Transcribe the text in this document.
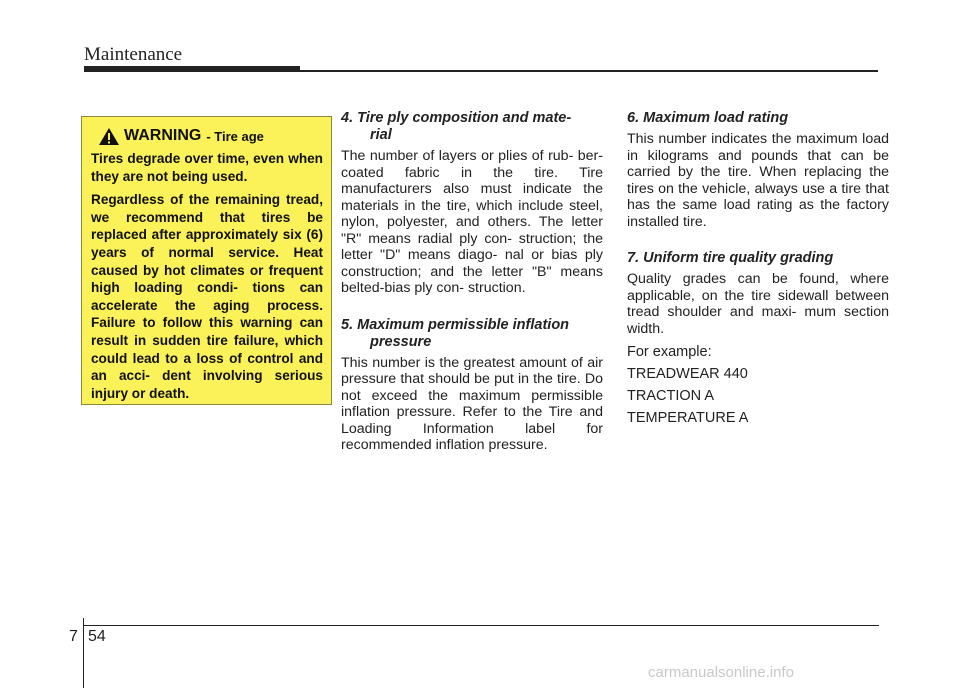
Maintenance
WARNING - Tire age

Tires degrade over time, even when they are not being used.

Regardless of the remaining tread, we recommend that tires be replaced after approximately six (6) years of normal service. Heat caused by hot climates or frequent high loading condi- tions can accelerate the aging process. Failure to follow this warning can result in sudden tire failure, which could lead to a loss of control and an acci- dent involving serious injury or death.

4. Tire ply composition and mate-
rial

The number of layers or plies of rub- ber-coated fabric in the tire. Tire manufacturers also must indicate the materials in the tire, which include steel, nylon, polyester, and others. The letter "R" means radial ply con- struction; the letter "D" means diago- nal or bias ply construction; and the letter "B" means belted-bias ply con- struction.

5. Maximum permissible inflation
pressure

This number is the greatest amount of air pressure that should be put in the tire. Do not exceed the maximum permissible inflation pressure. Refer to the Tire and Loading Information label for recommended inflation pressure.

6. Maximum load rating

This number indicates the maximum load in kilograms and pounds that can be carried by the tire. When replacing the tires on the vehicle, always use a tire that has the same load rating as the factory installed tire.

7. Uniform tire quality grading

Quality grades can be found, where applicable, on the tire sidewall between tread shoulder and maxi- mum section width.

For example:
TREADWEAR 440
TRACTION A
TEMPERATURE A
7 54
carmanualsonline.info
